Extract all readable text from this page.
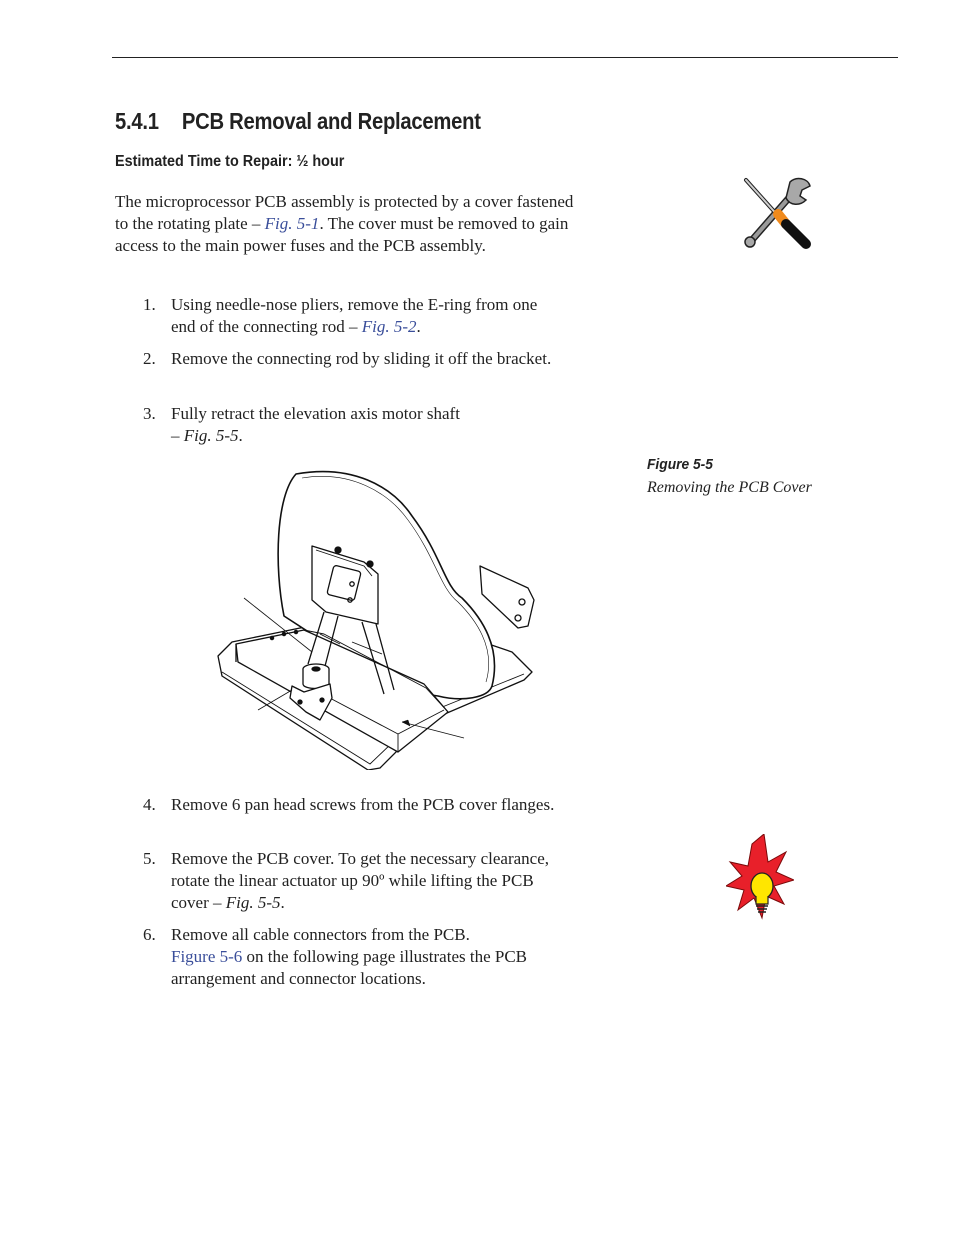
5.4.1 PCB Removal and Replacement
Estimated Time to Repair: ½ hour

The microprocessor PCB assembly is protected by a cover fastened to the rotating plate – Fig. 5-1. The cover must be removed to gain access to the main power fuses and the PCB assembly.

1. Using needle-nose pliers, remove the E-ring from one end of the connecting rod – Fig. 5-2.
2. Remove the connecting rod by sliding it off the bracket.
3. Fully retract the elevation axis motor shaft
– Fig. 5-5.
4. Remove 6 pan head screws from the PCB cover flanges.
5. Remove the PCB cover. To get the necessary clearance, rotate the linear actuator up 90º while lifting the PCB cover – Fig. 5-5.
6. Remove all cable connectors from the PCB.
Figure 5-6 on the following page illustrates the PCB arrangement and connector locations.
Figure 5-5
Removing the PCB Cover
